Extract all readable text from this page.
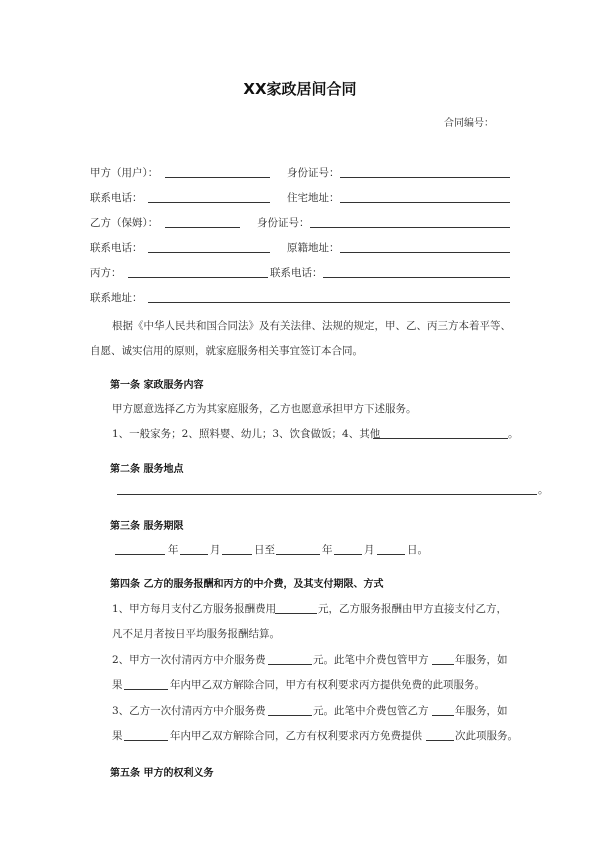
XX家政居间合同
合同编号：
甲方（用户）：	身份证号：
联系电话：	住宅地址：
乙方（保姆）：	身份证号：
联系电话：	原籍地址：
丙方：	联系电话：
联系地址：
根据《中华人民共和国合同法》及有关法律、法规的规定，甲、乙、丙三方本着平等、
自愿、诚实信用的原则，就家庭服务相关事宜签订本合同。
第一条 家政服务内容
甲方愿意选择乙方为其家庭服务，乙方也愿意承担甲方下述服务。
1、一般家务；2、照料婴、幼儿；3、饮食做饭；4、其他	。
第二条 服务地点
。
第三条 服务期限
年	月	日至	年	月	日。
第四条 乙方的服务报酬和丙方的中介费，及其支付期限、方式
1、甲方每月支付乙方服务报酬费用	元，乙方服务报酬由甲方直接支付乙方，
凡不足月者按日平均服务报酬结算。
2、甲方一次付清丙方中介服务费	元。此笔中介费包管甲方	年服务，如
果	年内甲乙双方解除合同，甲方有权利要求丙方提供免费的此项服务。
3、乙方一次付清丙方中介服务费	元。此笔中介费包管乙方	年服务，如
果	年内甲乙双方解除合同，乙方有权利要求丙方免费提供	次此项服务。
第五条 甲方的权利义务
